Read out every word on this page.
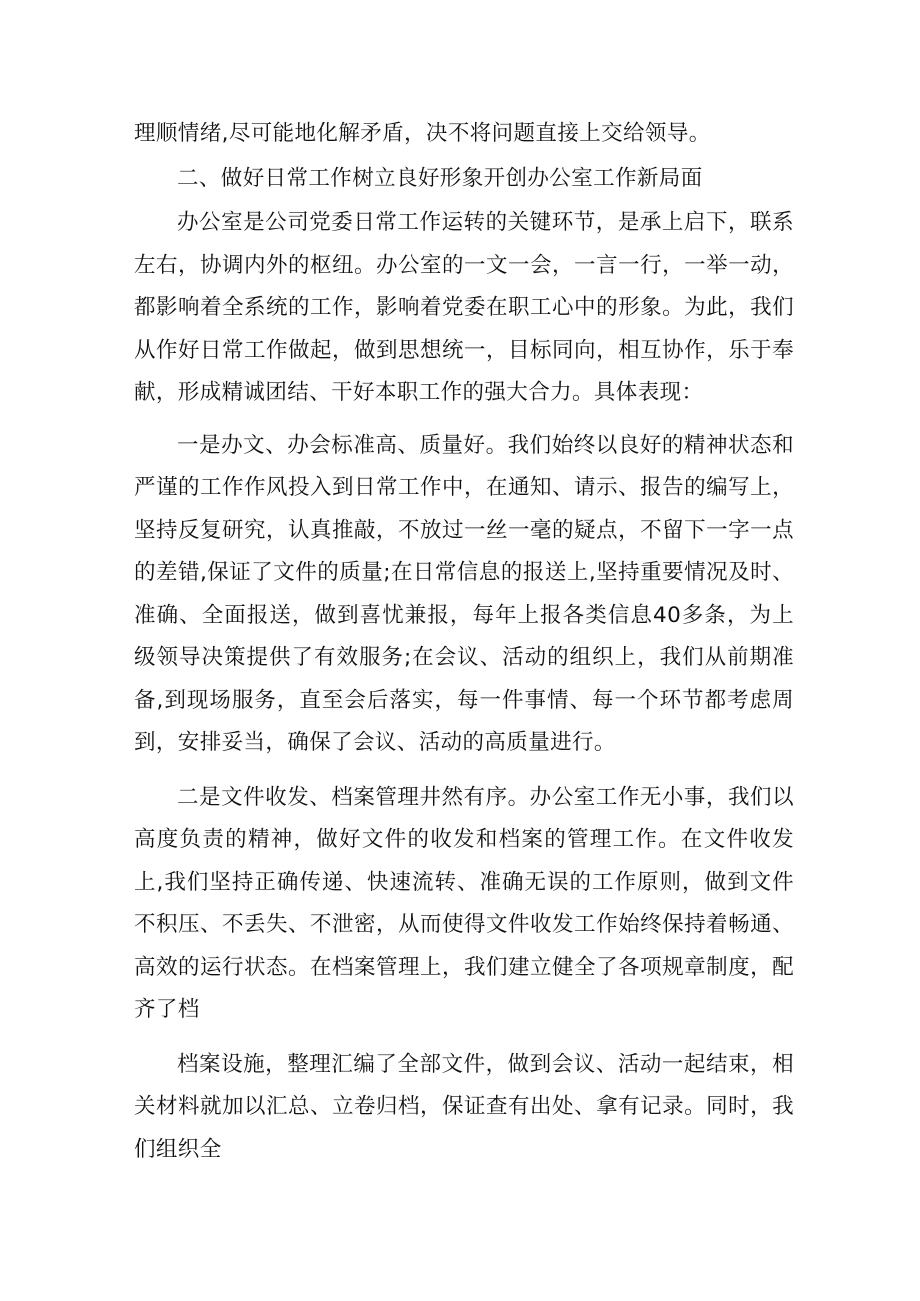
理顺情绪,尽可能地化解矛盾，决不将问题直接上交给领导。

二、做好日常工作树立良好形象开创办公室工作新局面

办公室是公司党委日常工作运转的关键环节，是承上启下，联系左右，协调内外的枢纽。办公室的一文一会，一言一行，一举一动，都影响着全系统的工作，影响着党委在职工心中的形象。为此，我们从作好日常工作做起，做到思想统一，目标同向，相互协作，乐于奉献，形成精诚团结、干好本职工作的强大合力。具体表现：

一是办文、办会标准高、质量好。我们始终以良好的精神状态和严谨的工作作风投入到日常工作中，在通知、请示、报告的编写上，坚持反复研究，认真推敲，不放过一丝一毫的疑点，不留下一字一点的差错,保证了文件的质量;在日常信息的报送上,坚持重要情况及时、准确、全面报送，做到喜忧兼报，每年上报各类信息40多条，为上级领导决策提供了有效服务;在会议、活动的组织上，我们从前期准备,到现场服务，直至会后落实，每一件事情、每一个环节都考虑周到，安排妥当，确保了会议、活动的高质量进行。

二是文件收发、档案管理井然有序。办公室工作无小事，我们以高度负责的精神，做好文件的收发和档案的管理工作。在文件收发上,我们坚持正确传递、快速流转、准确无误的工作原则，做到文件不积压、不丢失、不泄密，从而使得文件收发工作始终保持着畅通、高效的运行状态。在档案管理上，我们建立健全了各项规章制度，配齐了档

档案设施，整理汇编了全部文件，做到会议、活动一起结束，相关材料就加以汇总、立卷归档，保证查有出处、拿有记录。同时，我们组织全
